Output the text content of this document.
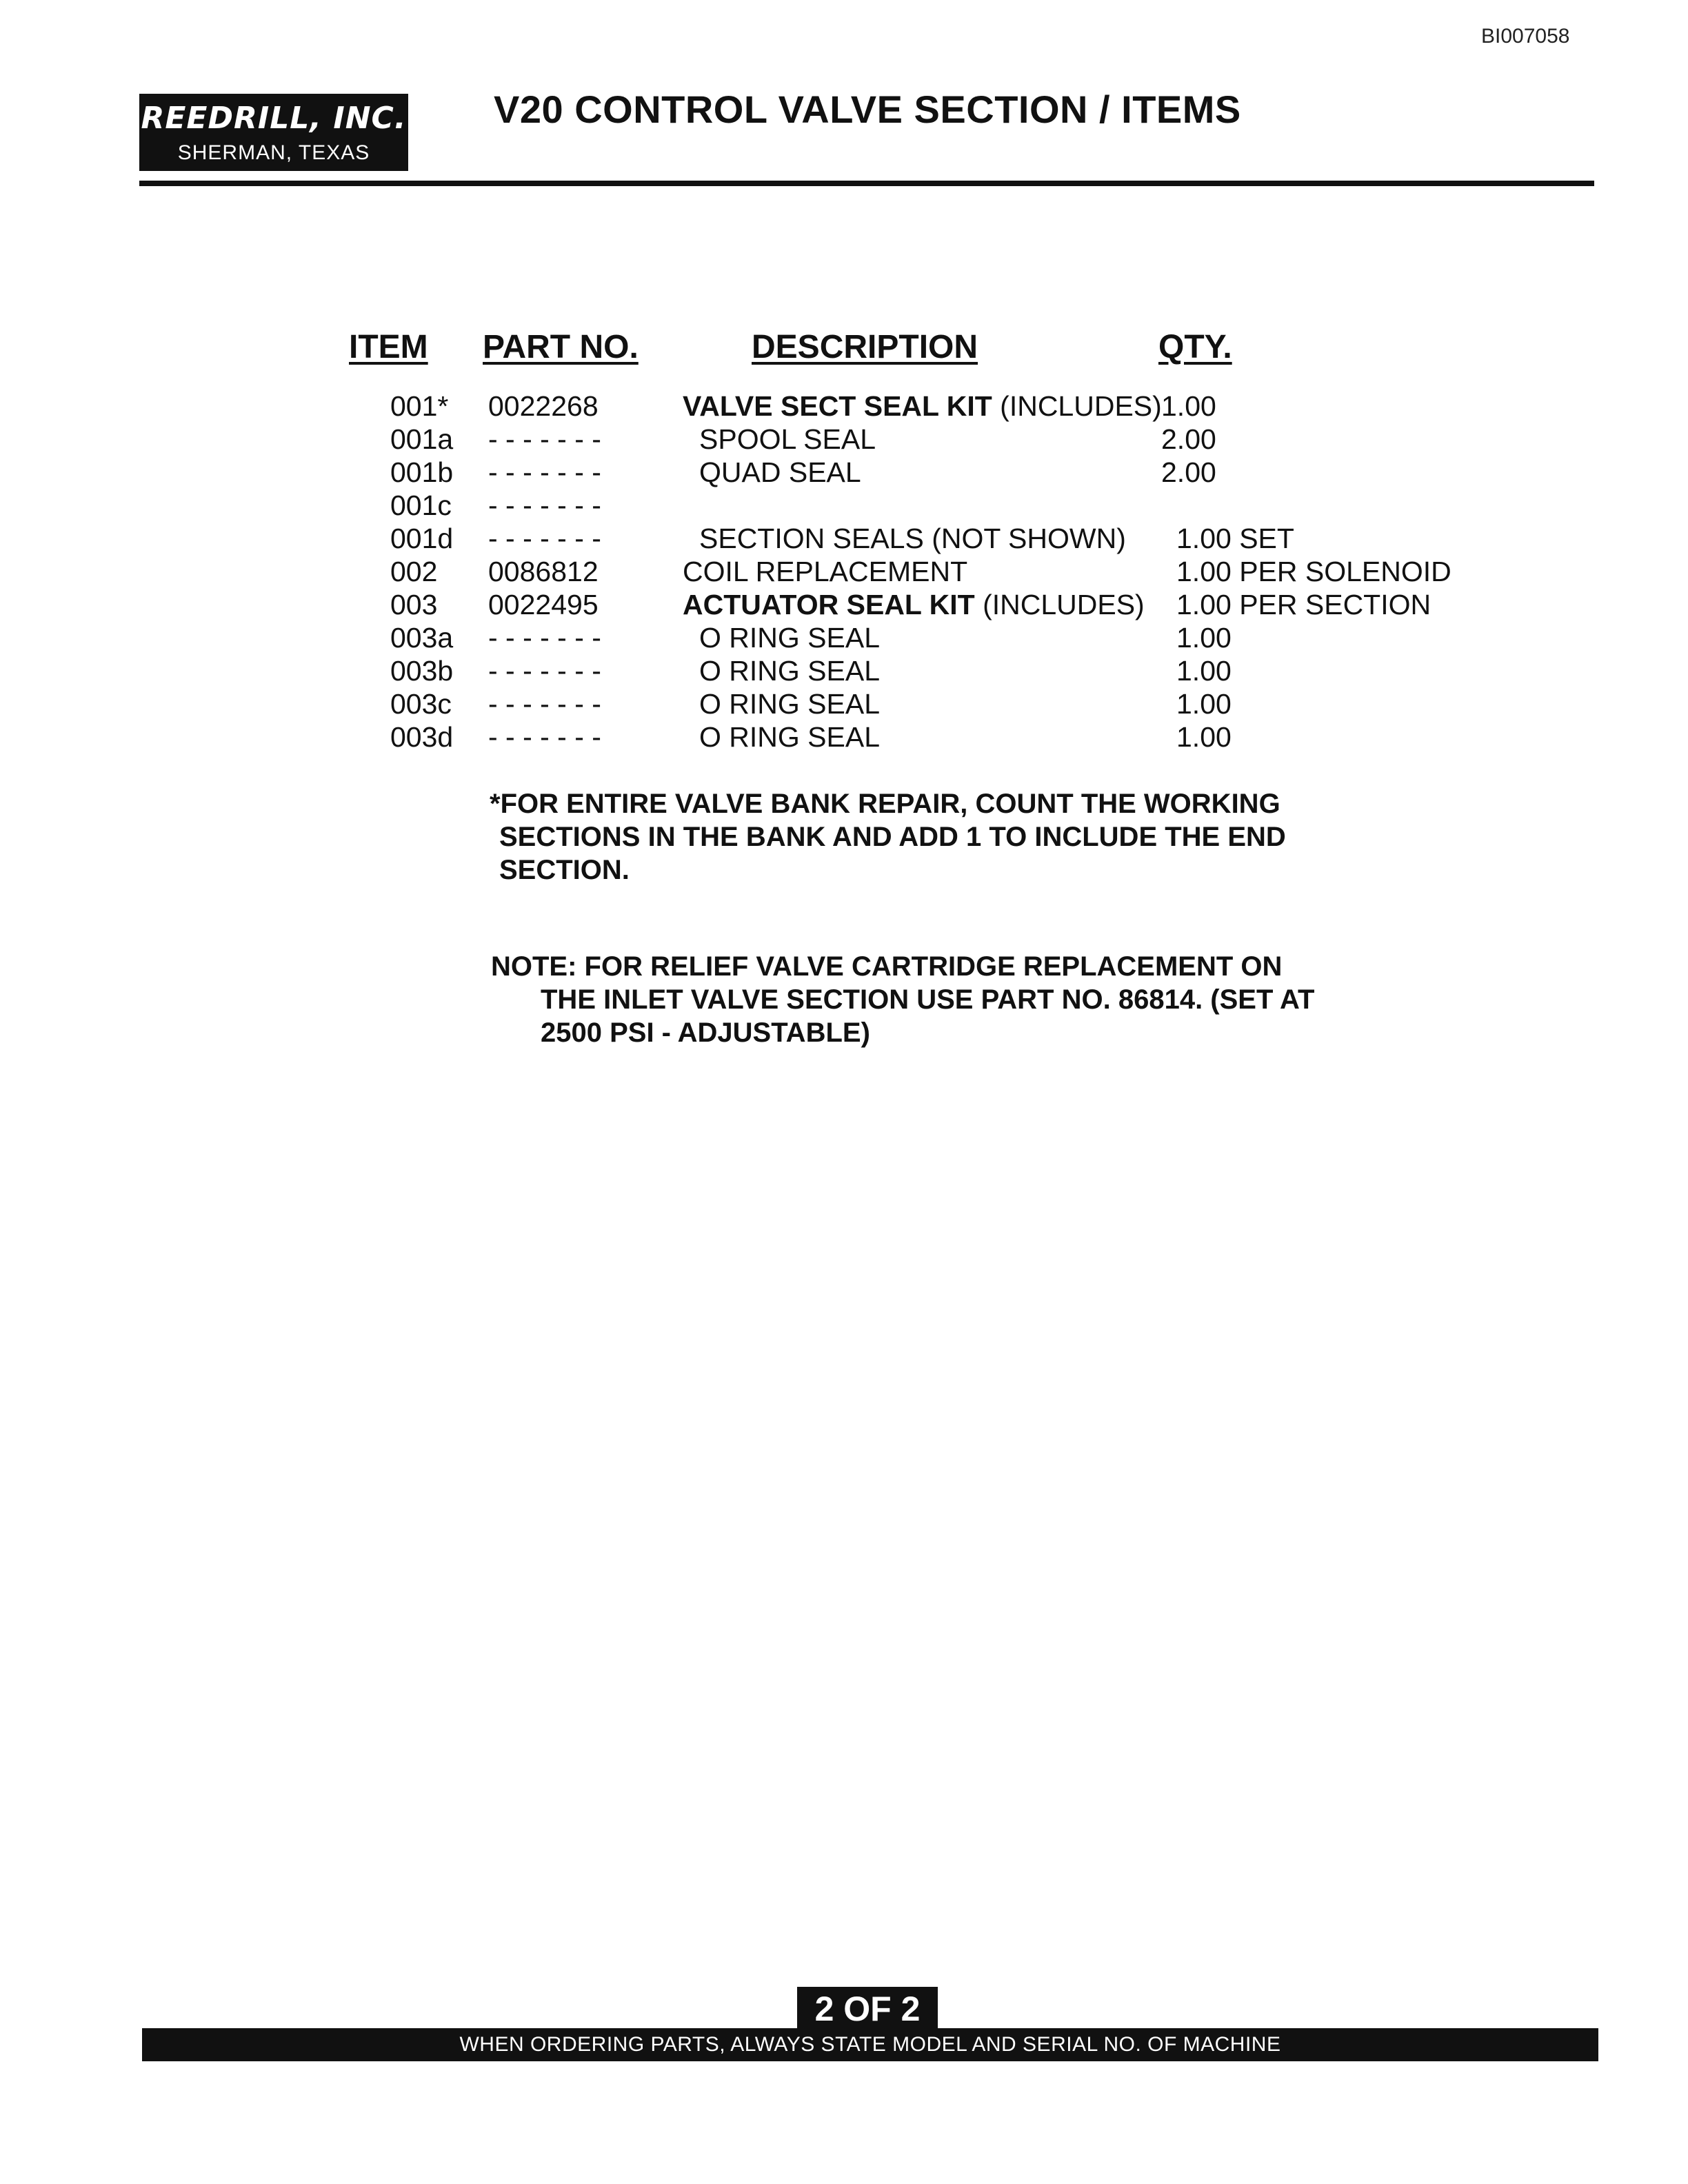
BI007058
REEDRILL, INC.
SHERMAN, TEXAS
V20 CONTROL VALVE SECTION / ITEMS
ITEM PART NO.	DESCRIPTION	QTY.
001* 0022268	VALVE SECT SEAL KIT (INCLUDES) 1.00
001a - - - - - - -	SPOOL SEAL	2.00
001b - - - - - - -	QUAD SEAL	2.00
001c - - - - - - -
001d - - - - - - -	SECTION SEALS (NOT SHOWN) 1.00 SET
002 0086812	COIL REPLACEMENT	1.00 PER SOLENOID
003 0022495	ACTUATOR SEAL KIT (INCLUDES) 1.00 PER SECTION
003a - - - - - - -	O RING SEAL	1.00
003b - - - - - - -	O RING SEAL	1.00
003c - - - - - - -	O RING SEAL	1.00
003d - - - - - - -	O RING SEAL	1.00
*FOR ENTIRE VALVE BANK REPAIR, COUNT THE WORKING
SECTIONS IN THE BANK AND ADD 1 TO INCLUDE THE END
SECTION.
NOTE: FOR RELIEF VALVE CARTRIDGE REPLACEMENT ON
THE INLET VALVE SECTION USE PART NO. 86814. (SET AT
2500 PSI - ADJUSTABLE)
2 OF 2
WHEN ORDERING PARTS, ALWAYS STATE MODEL AND SERIAL NO. OF MACHINE
